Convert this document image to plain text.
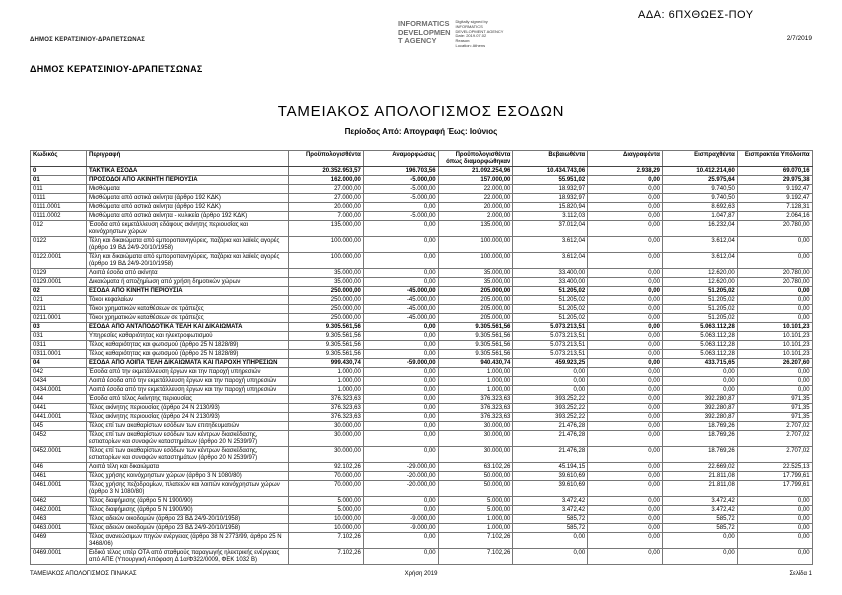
ΑΔΑ: 6ΠΧΘΩΕΣ-ΠΟΥ
ΔΗΜΟΣ ΚΕΡΑΤΣΙΝΙΟΥ-ΔΡΑΠΕΤΣΩΝΑΣ
INFORMATICS
DEVELOPMEN
T AGENCY
Digitally signed by
INFORMATICS
DEVELOPMENT AGENCY
Date: 2019.07.02
Reason:
Location: Athens
2/7/2019
ΔΗΜΟΣ ΚΕΡΑΤΣΙΝΙΟΥ-ΔΡΑΠΕΤΣΩΝΑΣ
ΤΑΜΕΙΑΚΟΣ ΑΠΟΛΟΓΙΣΜΟΣ ΕΣΟΔΩΝ
Περίοδος Από: Απογραφή Έως: Ιούνιος
Κωδικός	Περιγραφή	Προϋπολογισθέντα	Αναμορφώσεις	Προϋπολογισθέντα όπως διαμορφώθηκαν	Βεβαιωθέντα	Διαγραφέντα	Εισπραχθέντα	Εισπρακτέα Υπόλοιπα
0	ΤΑΚΤΙΚΑ ΕΣΟΔΑ	20.352.953,57	196.703,56	21.092.254,96	10.434.743,06	2.938,29	10.412.214,60	69.070,16
01	ΠΡΟΣΟΔΟΙ ΑΠΟ ΑΚΙΝΗΤΗ ΠΕΡΙΟΥΣΙΑ	162.000,00	-5.000,00	157.000,00	55.951,02	0,00	25.975,64	29.975,38
011	Μισθώματα	27.000,00	-5.000,00	22.000,00	18.932,97	0,00	9.740,50	9.192,47
0111	Μισθώματα από αστικά ακίνητα (άρθρο 192 ΚΔΚ)	27.000,00	-5.000,00	22.000,00	18.932,97	0,00	9.740,50	9.192,47
0111.0001	Μισθώματα από αστικά ακίνητα (άρθρο 192 ΚΔΚ)	20.000,00	0,00	20.000,00	15.820,94	0,00	8.692,63	7.128,31
0111.0002	Μισθώματα από αστικά ακίνητα - κυλικεία (άρθρο 192 ΚΔΚ)	7.000,00	-5.000,00	2.000,00	3.112,03	0,00	1.047,87	2.064,16
012	Έσοδα από εκμετάλλευση εδάφους ακίνητης περιουσίας και κοινόχρηστων χώρων	135.000,00	0,00	135.000,00	37.012,04	0,00	16.232,04	20.780,00
0122	Τέλη και δικαιώματα από εμποροπανηγύρεις, παζάρια και λαϊκές αγορές (άρθρο 19 ΒΔ 24/9-20/10/1958)	100.000,00	0,00	100.000,00	3.612,04	0,00	3.612,04	0,00
0122.0001	Τέλη και δικαιώματα από εμποροπανηγύρεις, παζάρια και λαϊκές αγορές (άρθρο 19 ΒΔ 24/9-20/10/1958)	100.000,00	0,00	100.000,00	3.612,04	0,00	3.612,04	0,00
0129	Λοιπά έσοδα από ακίνητα	35.000,00	0,00	35.000,00	33.400,00	0,00	12.620,00	20.780,00
0129.0001	Δικαιώματα ή αποζημίωση από χρήση δημοτικών χώρων	35.000,00	0,00	35.000,00	33.400,00	0,00	12.620,00	20.780,00
02	ΕΣΟΔΑ ΑΠΟ ΚΙΝΗΤΗ ΠΕΡΙΟΥΣΙΑ	250.000,00	-45.000,00	205.000,00	51.205,02	0,00	51.205,02	0,00
021	Τόκοι κεφαλαίων	250.000,00	-45.000,00	205.000,00	51.205,02	0,00	51.205,02	0,00
0211	Τόκοι χρηματικών καταθέσεων σε τράπεζες	250.000,00	-45.000,00	205.000,00	51.205,02	0,00	51.205,02	0,00
0211.0001	Τόκοι χρηματικών καταθέσεων σε τράπεζες	250.000,00	-45.000,00	205.000,00	51.205,02	0,00	51.205,02	0,00
03	ΕΣΟΔΑ ΑΠΟ ΑΝΤΑΠΟΔΟΤΙΚΑ ΤΕΛΗ ΚΑΙ ΔΙΚΑΙΩΜΑΤΑ	9.305.561,56	0,00	9.305.561,56	5.073.213,51	0,00	5.063.112,28	10.101,23
031	Υπηρεσίες καθαριότητας και ηλεκτροφωτισμού	9.305.561,56	0,00	9.305.561,56	5.073.213,51	0,00	5.063.112,28	10.101,23
0311	Τέλος καθαριότητας και φωτισμού (άρθρο 25 Ν 1828/89)	9.305.561,56	0,00	9.305.561,56	5.073.213,51	0,00	5.063.112,28	10.101,23
0311.0001	Τέλος καθαριότητας και φωτισμού (άρθρο 25 Ν 1828/89)	9.305.561,56	0,00	9.305.561,56	5.073.213,51	0,00	5.063.112,28	10.101,23
04	ΕΣΟΔΑ ΑΠΟ ΛΟΙΠΑ ΤΕΛΗ ΔΙΚΑΙΩΜΑΤΑ ΚΑΙ ΠΑΡΟΧΗ ΥΠΗΡΕΣΙΩΝ	999.430,74	-59.000,00	940.430,74	459.923,25	0,00	433.715,65	26.207,60
042	Έσοδα από την εκμετάλλευση έργων και την παροχή υπηρεσιών	1.000,00	0,00	1.000,00	0,00	0,00	0,00	0,00
0434	Λοιπά έσοδα από την εκμετάλλευση έργων και την παροχή υπηρεσιών	1.000,00	0,00	1.000,00	0,00	0,00	0,00	0,00
0434.0001	Λοιπά έσοδα από την εκμετάλλευση έργων και την παροχή υπηρεσιών	1.000,00	0,00	1.000,00	0,00	0,00	0,00	0,00
044	Έσοδα από τέλος Ακίνητης περιουσίας	376.323,63	0,00	376.323,63	393.252,22	0,00	392.280,87	971,35
0441	Τέλος ακίνητης περιουσίας (άρθρο 24 Ν 2130/93)	376.323,63	0,00	376.323,63	393.252,22	0,00	392.280,87	971,35
0441.0001	Τέλος ακίνητης περιουσίας (άρθρο 24 Ν 2130/93)	376.323,63	0,00	376.323,63	393.252,22	0,00	392.280,87	971,35
045	Τέλος επί των ακαθαρίστων εσόδων των επιτηδευματιών	30.000,00	0,00	30.000,00	21.476,28	0,00	18.769,26	2.707,02
0452	Τέλος επί των ακαθαρίστων εσόδων των κέντρων διασκέδασης, εστιατορίων και συναφών καταστημάτων (άρθρο 20 Ν 2539/97)	30.000,00	0,00	30.000,00	21.476,28	0,00	18.769,26	2.707,02
0452.0001	Τέλος επί των ακαθαρίστων εσόδων των κέντρων διασκέδασης, εστιατορίων και συναφών καταστημάτων (άρθρο 20 Ν 2539/97)	30.000,00	0,00	30.000,00	21.476,28	0,00	18.769,26	2.707,02
046	Λοιπά τέλη και δικαιώματα	92.102,26	-29.000,00	63.102,26	45.194,15	0,00	22.669,02	22.525,13
0461	Τέλος χρήσης κοινόχρηστων χώρων (άρθρο 3 Ν 1080/80)	70.000,00	-20.000,00	50.000,00	39.610,69	0,00	21.811,08	17.799,61
0461.0001	Τέλος χρήσης πεζοδρομίων, πλατειών και λοιπών κοινόχρηστων χώρων (άρθρο 3 Ν 1080/80)	70.000,00	-20.000,00	50.000,00	39.610,69	0,00	21.811,08	17.799,61
0462	Τέλος διαφήμισης (άρθρο 5 Ν 1900/90)	5.000,00	0,00	5.000,00	3.472,42	0,00	3.472,42	0,00
0462.0001	Τέλος διαφήμισης (άρθρο 5 Ν 1900/90)	5.000,00	0,00	5.000,00	3.472,42	0,00	3.472,42	0,00
0463	Τέλος αδειών οικοδομών (άρθρο 23 ΒΔ 24/9-20/10/1958)	10.000,00	-9.000,00	1.000,00	585,72	0,00	585,72	0,00
0463.0001	Τέλος αδειών οικοδομών (άρθρο 23 ΒΔ 24/9-20/10/1958)	10.000,00	-9.000,00	1.000,00	585,72	0,00	585,72	0,00
0469	Τέλος ανανεώσιμων πηγών ενέργειας (άρθρο 38 Ν 2773/99, άρθρο 25 Ν 3468/06)	7.102,26	0,00	7.102,26	0,00	0,00	0,00	0,00
0469.0001	Ειδικό τέλος υπέρ ΟΤΑ από σταθμούς παραγωγής ηλεκτρικής ενέργειας από ΑΠΕ (Υπουργική Απόφαση Δ 1α/Φ322/0009, ΦΕΚ 1032 Β)	7.102,26	0,00	7.102,26	0,00	0,00	0,00	0,00
ΤΑΜΕΙΑΚΟΣ ΑΠΟΛΟΓΙΣΜΟΣ ΠΙΝΑΚΑΣ	Χρήση 2019	Σελίδα 1
